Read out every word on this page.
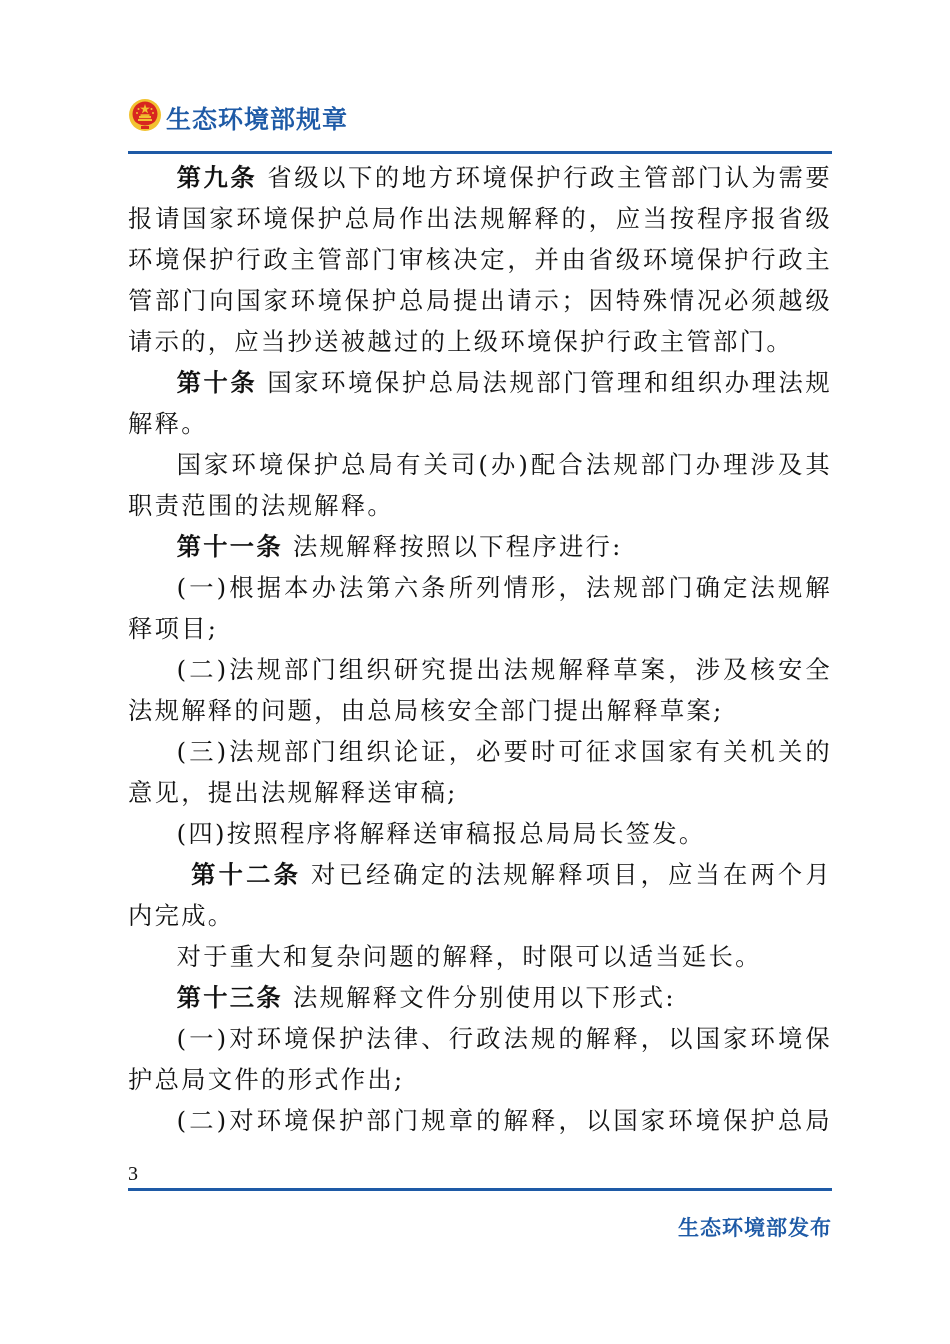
生态环境部规章

第九条 省级以下的地方环境保护行政主管部门认为需要报请国家环境保护总局作出法规解释的，应当按程序报省级环境保护行政主管部门审核决定，并由省级环境保护行政主管部门向国家环境保护总局提出请示；因特殊情况必须越级请示的，应当抄送被越过的上级环境保护行政主管部门。

第十条 国家环境保护总局法规部门管理和组织办理法规解释。

国家环境保护总局有关司(办)配合法规部门办理涉及其职责范围的法规解释。

第十一条 法规解释按照以下程序进行:

(一)根据本办法第六条所列情形，法规部门确定法规解释项目;

(二)法规部门组织研究提出法规解释草案，涉及核安全法规解释的问题，由总局核安全部门提出解释草案;

(三)法规部门组织论证，必要时可征求国家有关机关的意见，提出法规解释送审稿;

(四)按照程序将解释送审稿报总局局长签发。

第十二条 对已经确定的法规解释项目，应当在两个月内完成。

对于重大和复杂问题的解释，时限可以适当延长。

第十三条 法规解释文件分别使用以下形式:

(一)对环境保护法律、行政法规的解释，以国家环境保护总局文件的形式作出;

(二)对环境保护部门规章的解释，以国家环境保护总局

3
生态环境部发布
